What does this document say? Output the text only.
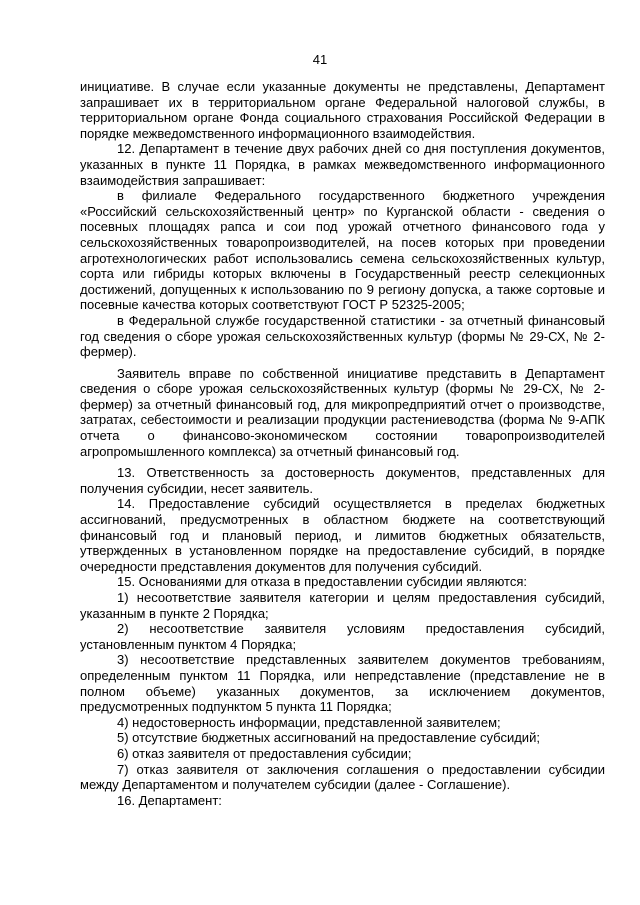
41

инициативе. В случае если указанные документы не представлены, Департамент запрашивает их в территориальном органе Федеральной налоговой службы, в территориальном органе Фонда социального страхования Российской Федерации в порядке межведомственного информационного взаимодействия.

12. Департамент в течение двух рабочих дней со дня поступления документов, указанных в пункте 11 Порядка, в рамках межведомственного информационного взаимодействия запрашивает:

в филиале Федерального государственного бюджетного учреждения «Российский сельскохозяйственный центр» по Курганской области - сведения о посевных площадях рапса и сои под урожай отчетного финансового года у сельскохозяйственных товаропроизводителей, на посев которых при проведении агротехнологических работ использовались семена сельскохозяйственных культур, сорта или гибриды которых включены в Государственный реестр селекционных достижений, допущенных к использованию по 9 региону допуска, а также сортовые и посевные качества которых соответствуют ГОСТ Р 52325-2005;

в Федеральной службе государственной статистики - за отчетный финансовый год сведения о сборе урожая сельскохозяйственных культур (формы № 29-СХ, № 2-фермер).

Заявитель вправе по собственной инициативе представить в Департамент сведения о сборе урожая сельскохозяйственных культур (формы № 29-СХ, № 2-фермер) за отчетный финансовый год, для микропредприятий отчет о производстве, затратах, себестоимости и реализации продукции растениеводства (форма № 9-АПК отчета о финансово-экономическом состоянии товаропроизводителей агропромышленного комплекса) за отчетный финансовый год.

13. Ответственность за достоверность документов, представленных для получения субсидии, несет заявитель.

14. Предоставление субсидий осуществляется в пределах бюджетных ассигнований, предусмотренных в областном бюджете на соответствующий финансовый год и плановый период, и лимитов бюджетных обязательств, утвержденных в установленном порядке на предоставление субсидий, в порядке очередности представления документов для получения субсидий.

15. Основаниями для отказа в предоставлении субсидии являются:

1) несоответствие заявителя категории и целям предоставления субсидий, указанным в пункте 2 Порядка;

2) несоответствие заявителя условиям предоставления субсидий, установленным пунктом 4 Порядка;

3) несоответствие представленных заявителем документов требованиям, определенным пунктом 11 Порядка, или непредставление (представление не в полном объеме) указанных документов, за исключением документов, предусмотренных подпунктом 5 пункта 11 Порядка;

4) недостоверность информации, представленной заявителем;

5) отсутствие бюджетных ассигнований на предоставление субсидий;

6) отказ заявителя от предоставления субсидии;

7) отказ заявителя от заключения соглашения о предоставлении субсидии между Департаментом и получателем субсидии (далее - Соглашение).

16. Департамент:
